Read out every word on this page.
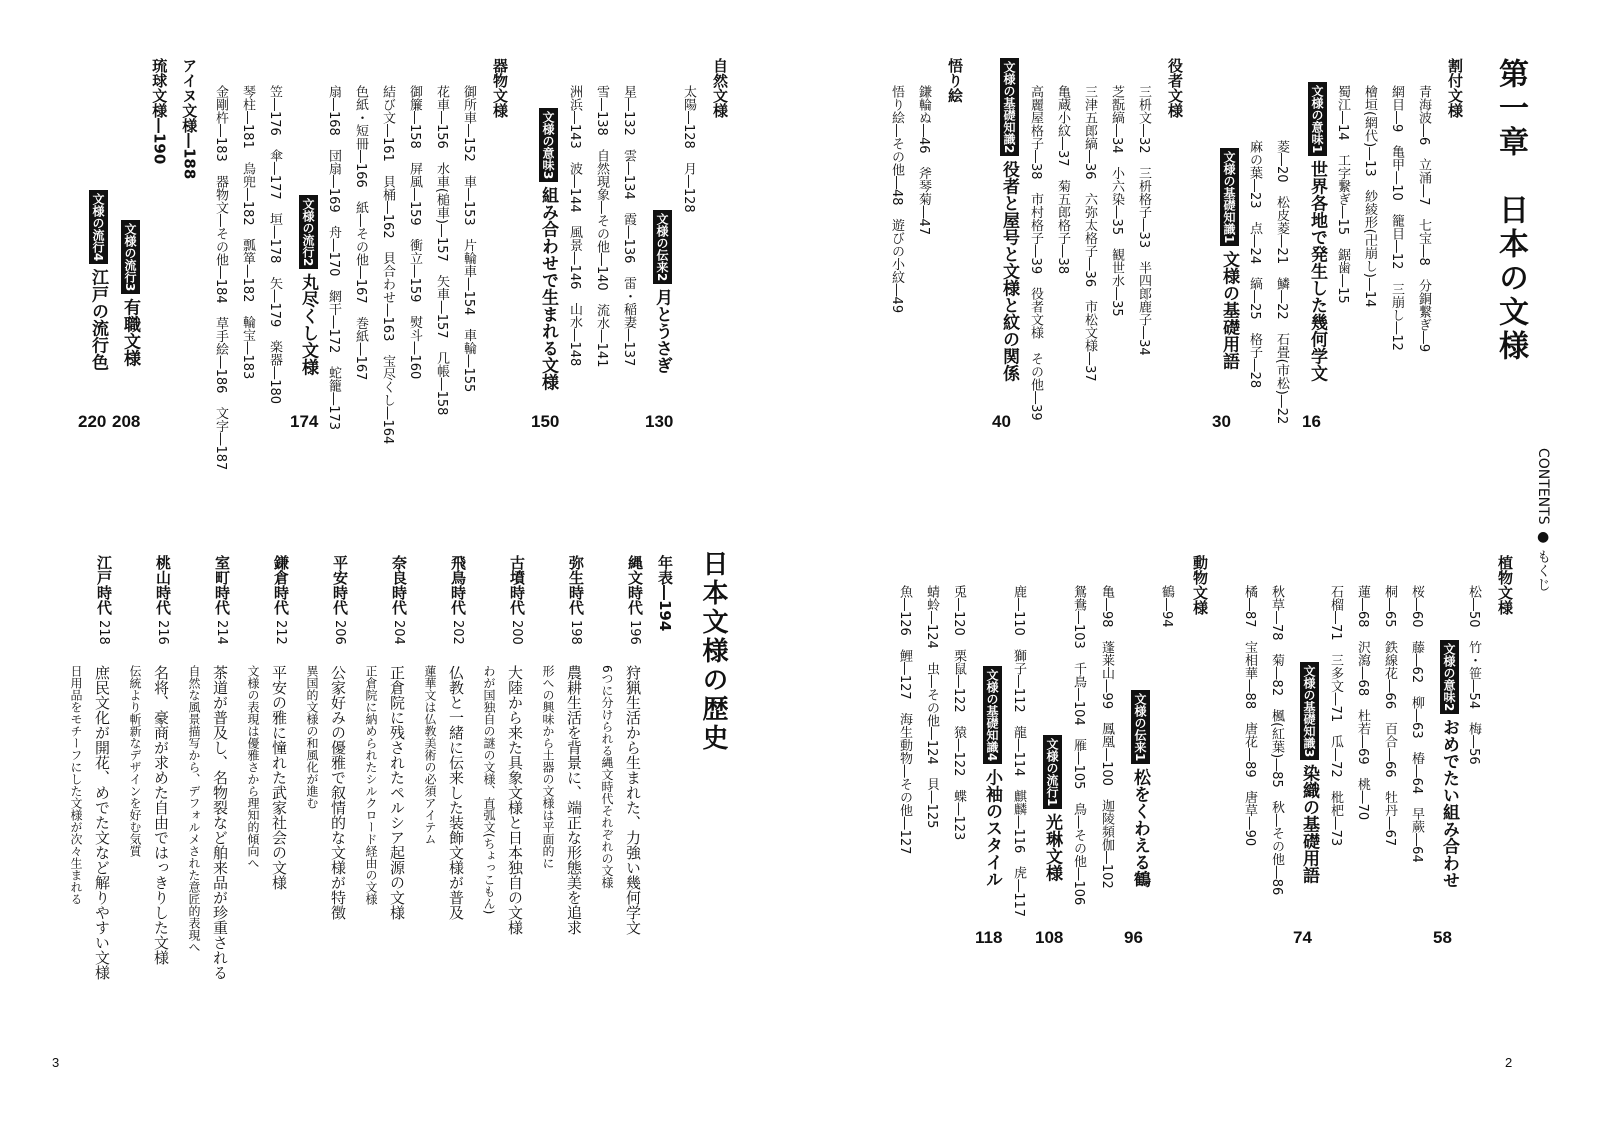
第一章　日本の文様
CONTENTS ● もくじ
割付文様
青海波―6　立涌―7　七宝―8　分銅繋ぎ―9
網目―9　亀甲―10　籠目―12　三崩し―12
檜垣(網代)―13　紗綾形(卍崩し)―14
蜀江―14　工字繋ぎ―15　鋸歯―15
文様の意味1世界各地で発生した幾何学文
16
菱―20　松皮菱―21　鱗―22　石畳(市松)―22
麻の葉―23　点―24　縞―25　格子―28
文様の基礎知識1文様の基礎用語
30
役者文様
三枡文―32　三枡格子―33　半四郎鹿子―34
芝翫縞―34　小六染―35　観世水―35
三津五郎縞―36　六弥太格子―36　市松文様―37
亀蔵小紋―37　菊五郎格子―38
高麗屋格子―38　市村格子―39　役者文様　その他―39
文様の基礎知識2役者と屋号と文様と紋の関係
40
悟り絵
鎌輪ぬ―46　斧琴菊―47
悟り絵―その他―48　遊びの小紋―49
植物文様
松―50　竹・笹―54　梅―56
文様の意味2おめでたい組み合わせ
58
桜―60　藤―62　柳―63　椿―64　早蕨―64
桐―65　鉄線花―66　百合―66　牡丹―67
蓮―68　沢瀉―68　杜若―69　桃―70
石榴―71　三多文―71　瓜―72　枇杷―73
文様の基礎知識3染織の基礎用語
74
秋草―78　菊―82　楓(紅葉)―85　秋―その他―86
橘―87　宝相華―88　唐花―89　唐草―90
動物文様
鶴―94
亀―98　蓬莱山―99　鳳凰―100　迦陵頻伽―102	文様の伝来1松をくわえる鶴
96
鴛鴦―103　千鳥―104　雁―105　鳥―その他―106
文様の流行1光琳文様
108
鹿―110　獅子―112　龍―114　麒麟―116　虎―117
文様の基礎知識4小袖のスタイル
118
兎―120　栗鼠―122　猿―122　蝶―123
蜻蛉―124　虫―その他―124　貝―125
魚―126　鯉―127　海生動物―その他―127
2
自然文様
太陽―128　月―128
文様の伝来2月とうさぎ
130
星―132　雲―134　霞―136　雷・稲妻―137
雪―138　自然現象―その他―140　流水―141
洲浜―143　波―144　風景―146　山水―148
文様の意味3組み合わせで生まれる文様
150
器物文様
御所車―152　車―153　片輪車―154　車輪―155
花車―156　水車(槌車)―157　矢車―157　几帳―158
御簾―158　屏風―159　衝立―159　熨斗―160
結び文―161　貝桶―162　貝合わせ―163　宝尽くし―164
色紙・短冊―166　紙―その他―167　巻紙―167
扇―168　団扇―169　舟―170　網干―172　蛇籠―173
文様の流行2丸尽くし文様
174
笠―176　傘―177　垣―178　矢―179　楽器―180
琴柱―181　烏兜―182　瓢箪―182　輪宝―183
金剛杵―183　器物文―その他―184　草手絵―186　文字―187
アイヌ文様―188
琉球文様―190
文様の流行3有職文様
208
文様の流行4江戸の流行色
220
日本文様の歴史
年表―194
縄文時代
196
狩猟生活から生まれた、力強い幾何学文
6つに分けられる縄文時代それぞれの文様
弥生時代
198
農耕生活を背景に、端正な形態美を追求
形への興味から土器の文様は平面的に
古墳時代
200
大陸から来た具象文様と日本独自の文様
わが国独自の謎の文様、直弧文(ちょっこもん)
飛鳥時代
202
仏教と一緒に伝来した装飾文様が普及
蓮華文は仏教美術の必須アイテム
奈良時代
204
正倉院に残されたペルシア起源の文様
正倉院に納められたシルクロード経由の文様
平安時代
206
公家好みの優雅で叙情的な文様が特徴
異国的文様の和風化が進む
鎌倉時代
212
平安の雅に憧れた武家社会の文様
文様の表現は優雅さから理知的傾向へ
室町時代
214
茶道が普及し、名物裂など舶来品が珍重される
自然な風景描写から、デフォルメされた意匠的表現へ
桃山時代
216
名将、豪商が求めた自由ではっきりした文様
伝統より斬新なデザインを好む気質
江戸時代
218
庶民文化が開花、めでた文など解りやすい文様
日用品をモチーフにした文様が次々生まれる
3
